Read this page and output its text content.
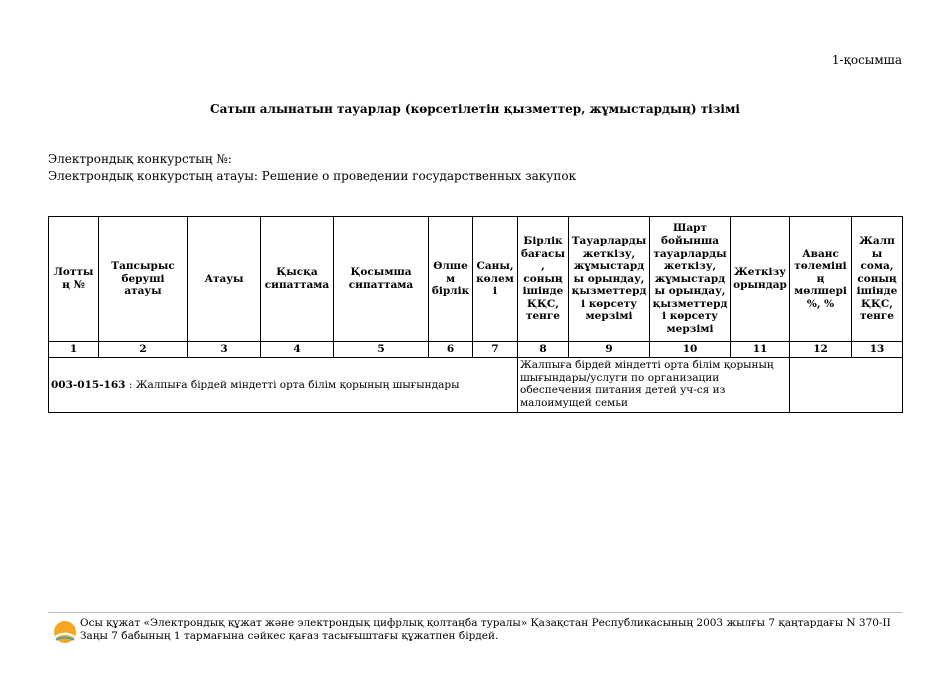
1-қосымша
Сатып алынатын тауарлар (көрсетілетін қызметтер, жұмыстардың) тізімі
Электрондық конкурстың №:
Электрондық конкурстың атауы: Решение о проведении государственных закупок
Лоттың №	Тапсырыс беруші атауы	Атауы	Қысқа сипаттама	Қосымша сипаттама	Өлшем бірлік	Саны, көлемі	Бірлік бағасы, соның ішінде ҚҚС, тенге	Тауарларды жеткізу, жұмыстарды орындау, қызметтерді көрсету мерзімі	Шарт бойынша тауарларды жеткізу, жұмыстарды орындау, қызметтерді көрсету мерзімі	Жеткізу орындар	Аванс төлемінің мөлшері %, %	Жалпы сома, соның ішінде ҚҚС, тенге
1	2	3	4	5	6	7	8	9	10	11	12	13
003-015-163 : Жалпыға бірдей міндетті орта білім қорының шығындары							Жалпыға бірдей міндетті орта білім қорының шығындары/услуги по организации обеспечения питания детей уч-ся из малоимущей семьи					
Осы құжат «Электрондық құжат және электрондық цифрлық қолтаңба туралы» Қазақстан Республикасының 2003 жылғы 7 қаңтардағы N 370-II Заңы 7 бабының 1 тармағына сәйкес қағаз тасығыштағы құжатпен бірдей.
